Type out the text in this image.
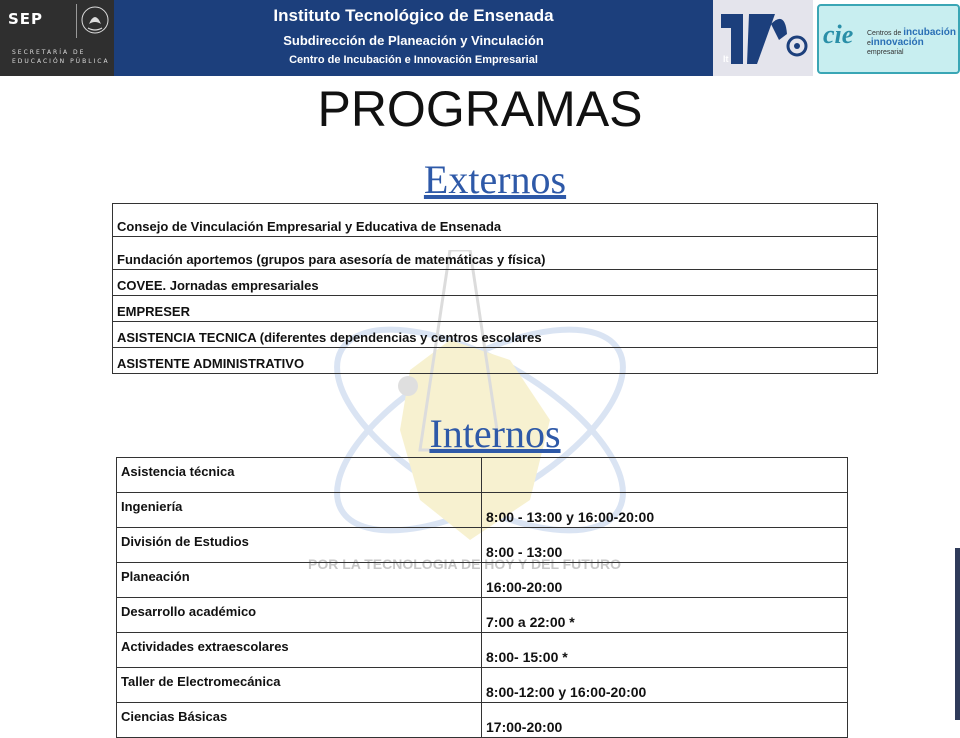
SEP
SECRETARÍA DE
EDUCACIÓN PÚBLICA
Instituto Tecnológico de Ensenada
Subdirección de Planeación y Vinculación
Centro de Incubación e Innovación Empresarial	It
cie Centros de incubación
einnovación empresarial
POR LA TECNOLOGIA DE HOY Y DEL FUTURO
PROGRAMAS
Externos
Consejo de Vinculación Empresarial y Educativa de Ensenada
Fundación aportemos (grupos para asesoría de matemáticas y física)
COVEE. Jornadas empresariales
EMPRESER
ASISTENCIA TECNICA (diferentes dependencias y centros escolares
ASISTENTE ADMINISTRATIVO
Internos
Asistencia técnica	
Ingeniería	8:00 - 13:00 y 16:00-20:00
División de Estudios	8:00 - 13:00
Planeación	16:00-20:00
Desarrollo académico	7:00 a 22:00 *
Actividades extraescolares	8:00- 15:00 *
Taller de Electromecánica	8:00-12:00 y 16:00-20:00
Ciencias Básicas	17:00-20:00
